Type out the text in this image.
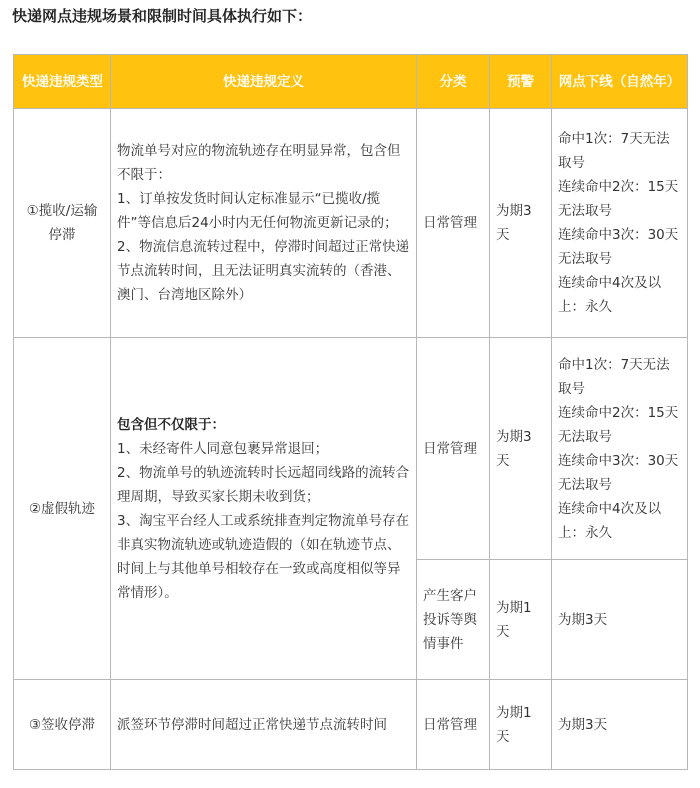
快递网点违规场景和限制时间具体执行如下：
快递违规类型	快递违规定义	分类	预警	网点下线（自然年）
①揽收/运输停滞	物流单号对应的物流轨迹存在明显异常，包含但不限于：
1、订单按发货时间认定标准显示“已揽收/揽件”等信息后24小时内无任何物流更新记录的；
2、物流信息流转过程中，停滞时间超过正常快递节点流转时间，且无法证明真实流转的（香港、澳门、台湾地区除外）	日常管理	为期3天	命中1次：7天无法取号
连续命中2次：15天无法取号
连续命中3次：30天无法取号
连续命中4次及以上：永久

②虚假轨迹	包含但不仅限于：
1、未经寄件人同意包裹异常退回；
2、物流单号的轨迹流转时长远超同线路的流转合理周期，导致买家长期未收到货；
3、淘宝平台经人工或系统排查判定物流单号存在非真实物流轨迹或轨迹造假的（如在轨迹节点、时间上与其他单号相较存在一致或高度相似等异常情形）。	日常管理	为期3天	命中1次：7天无法取号
连续命中2次：15天无法取号
连续命中3次：30天无法取号
连续命中4次及以上：永久

		产生客户投诉等舆情事件	为期1天	为期3天
③签收停滞	派签环节停滞时间超过正常快递节点流转时间	日常管理	为期1天	为期3天
